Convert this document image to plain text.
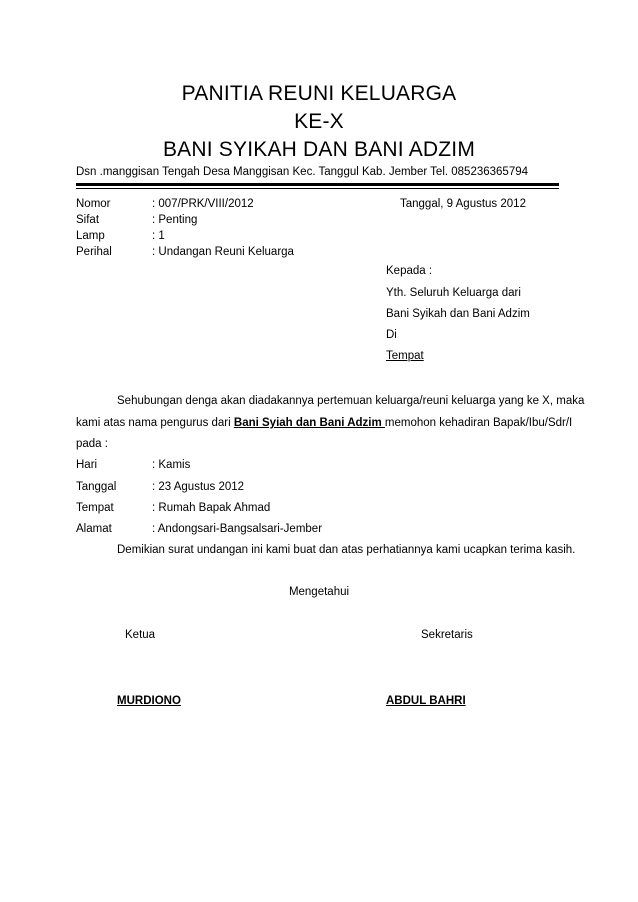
PANITIA REUNI KELUARGA
KE-X
BANI SYIKAH DAN BANI ADZIM
Dsn .manggisan Tengah Desa Manggisan Kec. Tanggul Kab. Jember Tel. 085236365794
Nomor	: 007/PRK/VIII/2012	Tanggal, 9 Agustus 2012
Sifat	: Penting
Lamp	: 1
Perihal	: Undangan Reuni Keluarga
Kepada :
Yth. Seluruh Keluarga dari
Bani Syikah dan Bani Adzim
Di
Tempat
Sehubungan denga akan diadakannya pertemuan keluarga/reuni keluarga yang ke X, maka
kami atas nama pengurus dari Bani Syiah dan Bani Adzim memohon kehadiran Bapak/Ibu/Sdr/I
pada :
Hari	: Kamis
Tanggal	: 23 Agustus 2012
Tempat	: Rumah Bapak Ahmad
Alamat	: Andongsari-Bangsalsari-Jember
Demikian surat undangan ini kami buat dan atas perhatiannya kami ucapkan terima kasih.
Mengetahui
Ketua	Sekretaris
MURDIONO	ABDUL BAHRI
